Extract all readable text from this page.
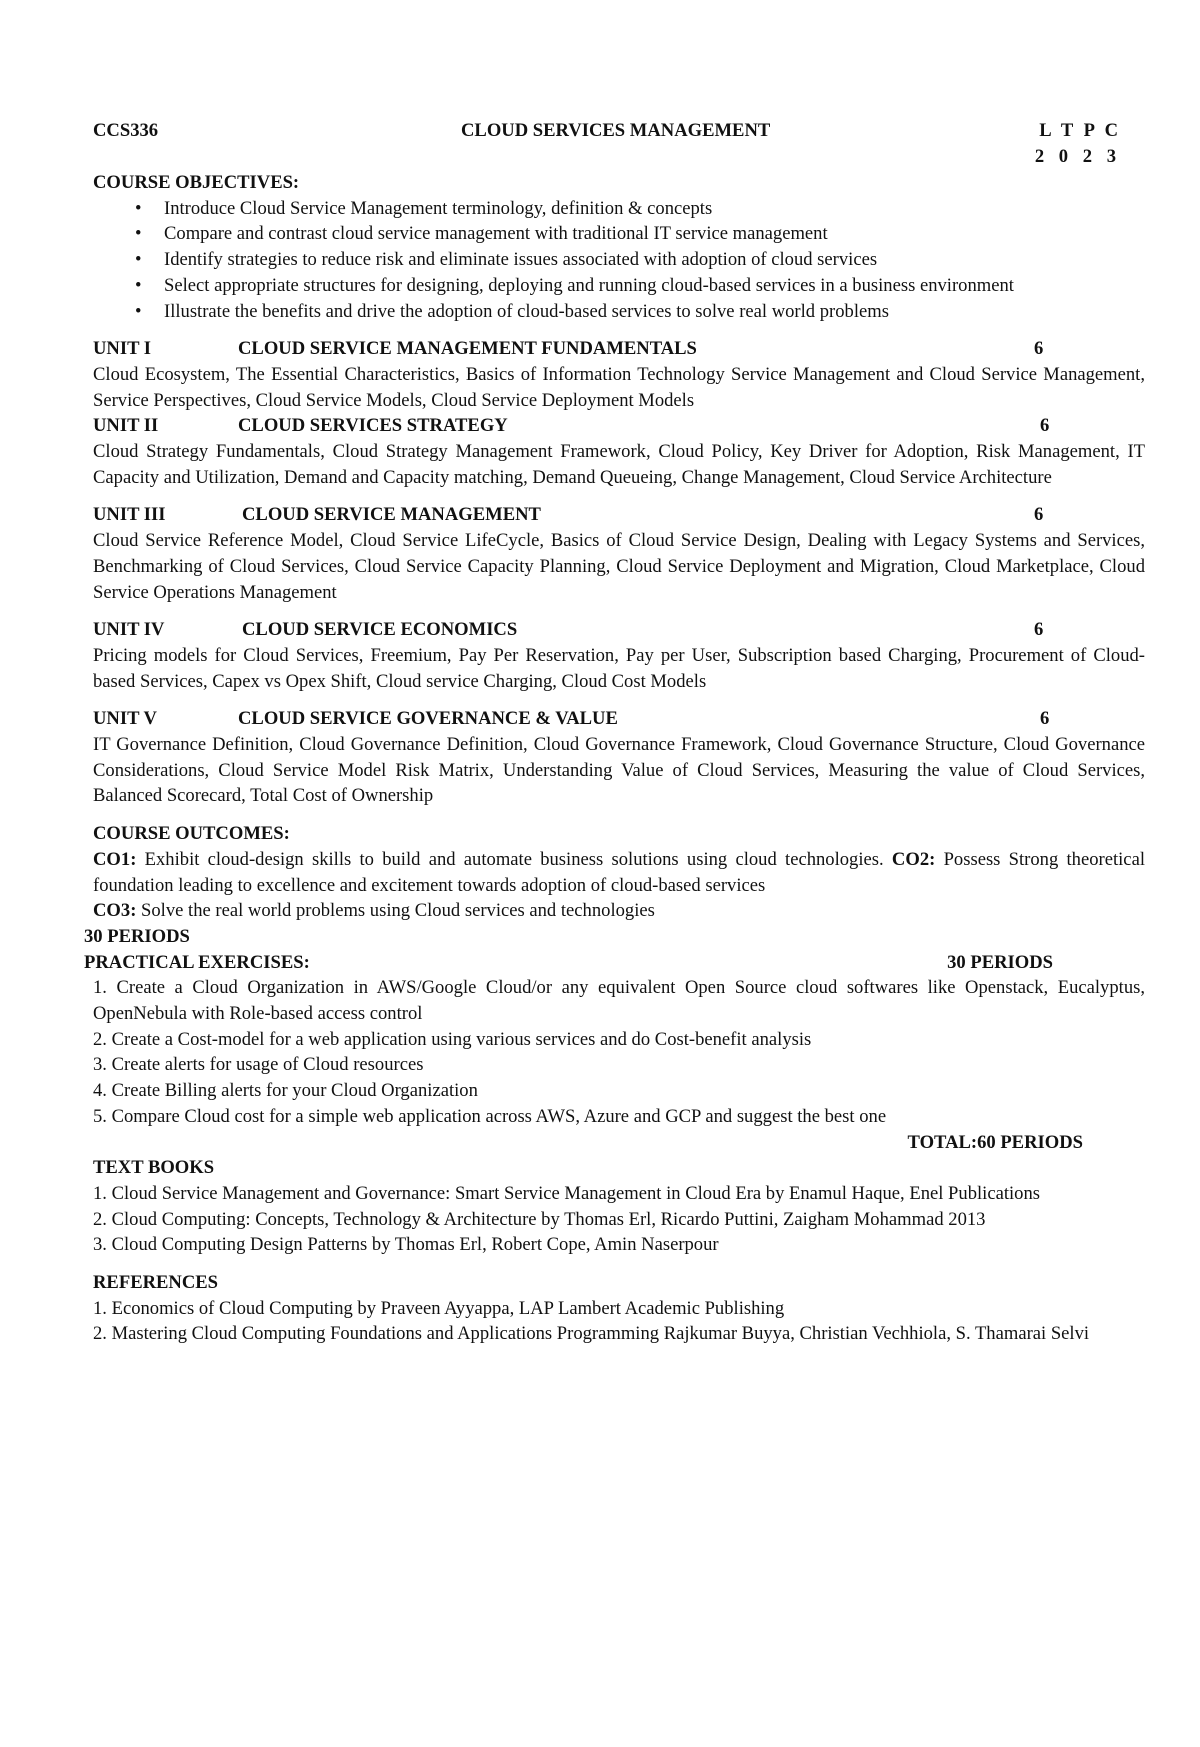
CCS336	CLOUD SERVICES MANAGEMENT	L T P C
2 0 2 3
COURSE OBJECTIVES:
• Introduce Cloud Service Management terminology, definition & concepts
• Compare and contrast cloud service management with traditional IT service management
• Identify strategies to reduce risk and eliminate issues associated with adoption of cloud services
• Select appropriate structures for designing, deploying and running cloud-based services in a business environment
• Illustrate the benefits and drive the adoption of cloud-based services to solve real world problems
UNIT I	CLOUD SERVICE MANAGEMENT FUNDAMENTALS	6
Cloud Ecosystem, The Essential Characteristics, Basics of Information Technology Service Management and Cloud Service Management, Service Perspectives, Cloud Service Models, Cloud Service Deployment Models
UNIT II	CLOUD SERVICES STRATEGY	6
Cloud Strategy Fundamentals, Cloud Strategy Management Framework, Cloud Policy, Key Driver for Adoption, Risk Management, IT Capacity and Utilization, Demand and Capacity matching, Demand Queueing, Change Management, Cloud Service Architecture
UNIT III	CLOUD SERVICE MANAGEMENT	6
Cloud Service Reference Model, Cloud Service LifeCycle, Basics of Cloud Service Design, Dealing with Legacy Systems and Services, Benchmarking of Cloud Services, Cloud Service Capacity Planning, Cloud Service Deployment and Migration, Cloud Marketplace, Cloud Service Operations Management
UNIT IV	CLOUD SERVICE ECONOMICS	6
Pricing models for Cloud Services, Freemium, Pay Per Reservation, Pay per User, Subscription based Charging, Procurement of Cloud-based Services, Capex vs Opex Shift, Cloud service Charging, Cloud Cost Models
UNIT V	CLOUD SERVICE GOVERNANCE & VALUE	6
IT Governance Definition, Cloud Governance Definition, Cloud Governance Framework, Cloud Governance Structure, Cloud Governance Considerations, Cloud Service Model Risk Matrix, Understanding Value of Cloud Services, Measuring the value of Cloud Services, Balanced Scorecard, Total Cost of Ownership
COURSE OUTCOMES:
CO1: Exhibit cloud-design skills to build and automate business solutions using cloud technologies. CO2: Possess Strong theoretical foundation leading to excellence and excitement towards adoption of cloud-based services
CO3: Solve the real world problems using Cloud services and technologies
30 PERIODS
PRACTICAL EXERCISES:	30 PERIODS
1. Create a Cloud Organization in AWS/Google Cloud/or any equivalent Open Source cloud softwares like Openstack, Eucalyptus, OpenNebula with Role-based access control
2. Create a Cost-model for a web application using various services and do Cost-benefit analysis
3. Create alerts for usage of Cloud resources
4. Create Billing alerts for your Cloud Organization
5. Compare Cloud cost for a simple web application across AWS, Azure and GCP and suggest the best one
TOTAL:60 PERIODS
TEXT BOOKS
1. Cloud Service Management and Governance: Smart Service Management in Cloud Era by Enamul Haque, Enel Publications
2. Cloud Computing: Concepts, Technology & Architecture by Thomas Erl, Ricardo Puttini, Zaigham Mohammad 2013
3. Cloud Computing Design Patterns by Thomas Erl, Robert Cope, Amin Naserpour
REFERENCES
1. Economics of Cloud Computing by Praveen Ayyappa, LAP Lambert Academic Publishing
2. Mastering Cloud Computing Foundations and Applications Programming Rajkumar Buyya, Christian Vechhiola, S. Thamarai Selvi
